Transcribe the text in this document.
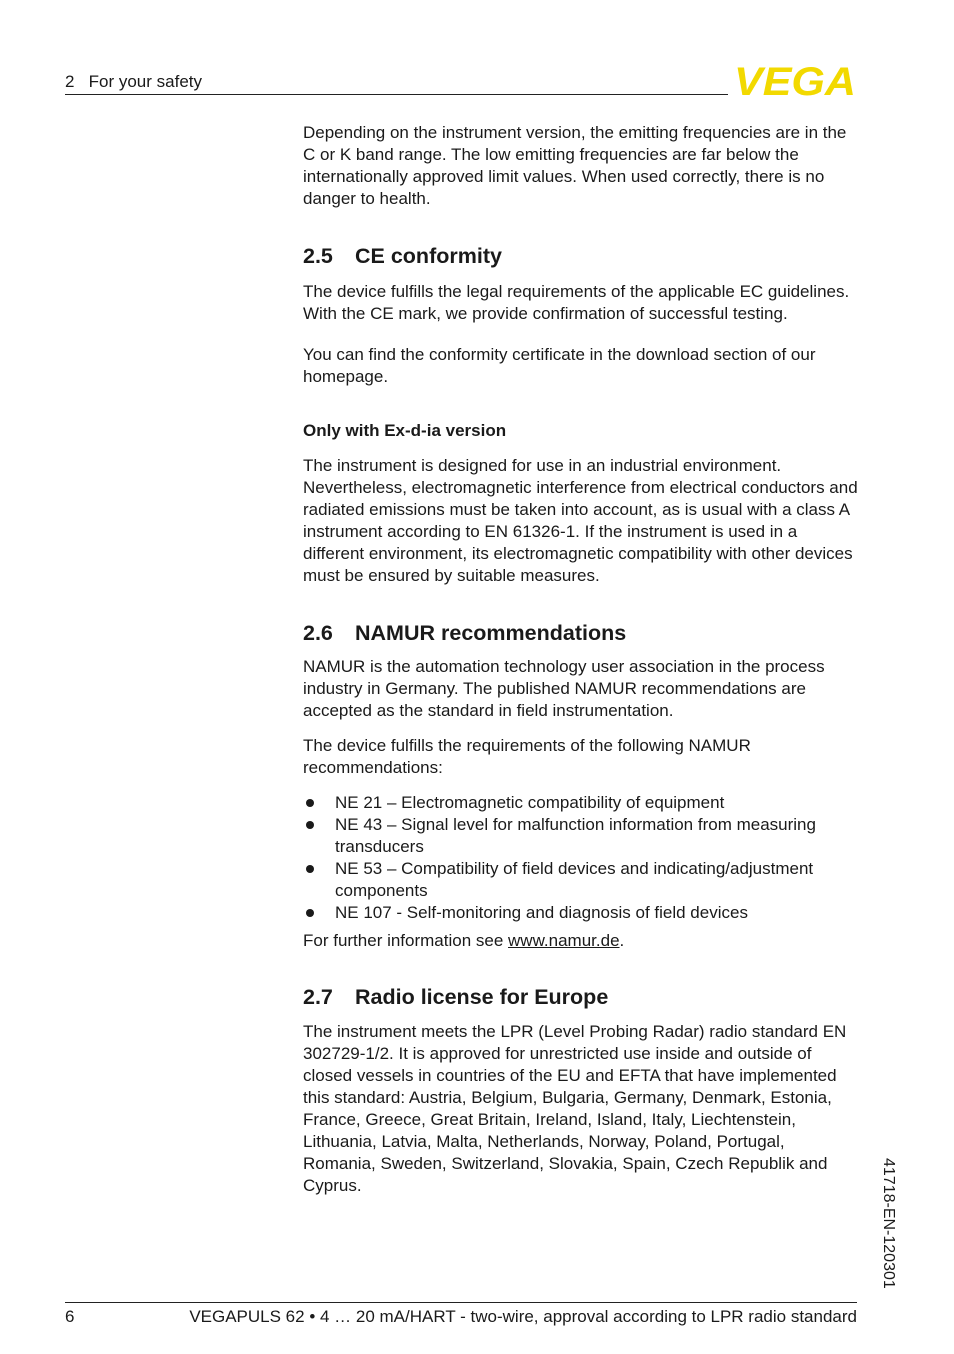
2   For your safety	VEGA

Depending on the instrument version, the emitting frequencies are in the C or K band range. The low emitting frequencies are far below the internationally approved limit values. When used correctly, there is no danger to health.

2.5 CE conformity

The device fulfills the legal requirements of the applicable EC guidelines. With the CE mark, we provide confirmation of successful testing.

You can find the conformity certificate in the download section of our homepage.

Only with Ex-d-ia version

The instrument is designed for use in an industrial environment. Nevertheless, electromagnetic interference from electrical conductors and radiated emissions must be taken into account, as is usual with a class A instrument according to EN 61326-1. If the instrument is used in a different environment, its electromagnetic compatibility with other devices must be ensured by suitable measures.

2.6 NAMUR recommendations

NAMUR is the automation technology user association in the process industry in Germany. The published NAMUR recommendations are accepted as the standard in field instrumentation.

The device fulfills the requirements of the following NAMUR recommendations:

NE 21 – Electromagnetic compatibility of equipment
NE 43 – Signal level for malfunction information from measuring transducers
NE 53 – Compatibility of field devices and indicating/adjustment components
NE 107 - Self-monitoring and diagnosis of field devices

For further information see www.namur.de.

2.7 Radio license for Europe

The instrument meets the LPR (Level Probing Radar) radio standard EN 302729-1/2. It is approved for unrestricted use inside and outside of closed vessels in countries of the EU and EFTA that have implemented this standard: Austria, Belgium, Bulgaria, Germany, Denmark, Estonia, France, Greece, Great Britain, Ireland, Island, Italy, Liechtenstein, Lithuania, Latvia, Malta, Netherlands, Norway, Poland, Portugal, Romania, Sweden, Switzerland, Slovakia, Spain, Czech Republik and Cyprus.	41718-EN-120301
6	VEGAPULS 62 • 4 … 20 mA/HART - two-wire, approval according to LPR radio standard
